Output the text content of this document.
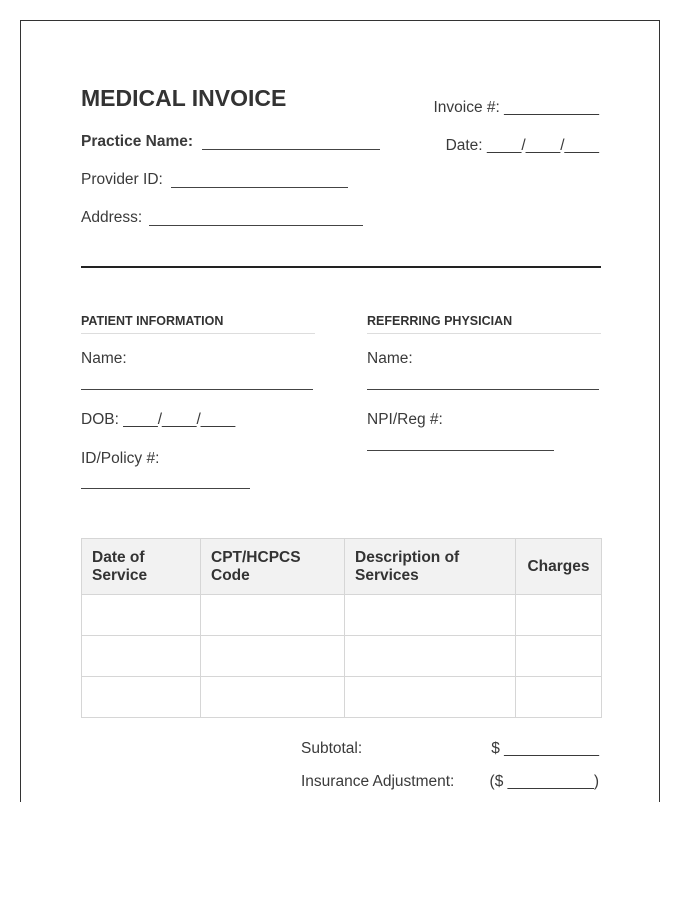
MEDICAL INVOICE	Invoice #: ___________
Date: ____/____/____
Practice Name:
Provider ID:
Address:
PATIENT INFORMATION
Name:
DOB: ____/____/____
ID/Policy #:
REFERRING PHYSICIAN
Name:
NPI/Reg #:
Date of Service	CPT/HCPCS Code	Description of Services	Charges

Subtotal:	$ ___________
Insurance Adjustment: ($ __________)
